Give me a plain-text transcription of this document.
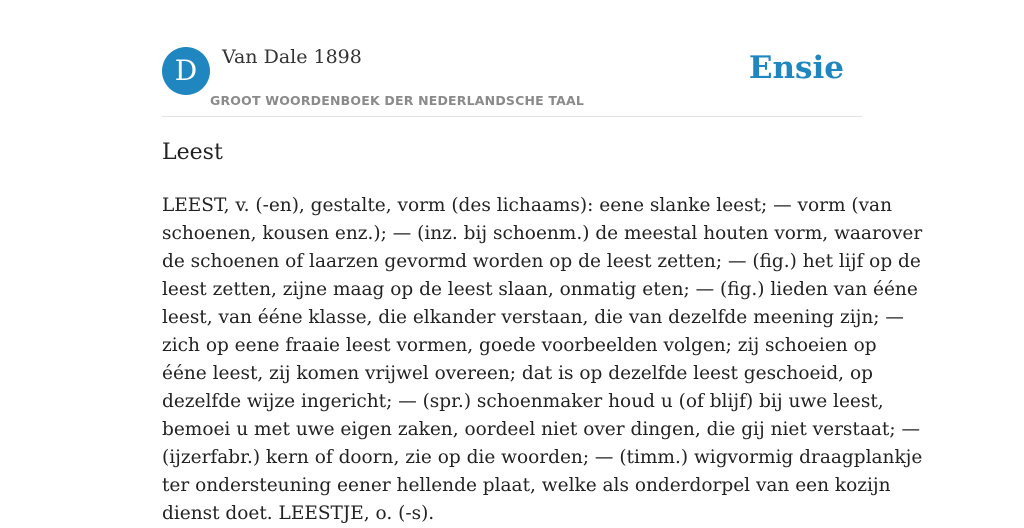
D	Van Dale 1898
GROOT WOORDENBOEK DER NEDERLANDSCHE TAAL
Ensie
Leest
LEEST, v. (-en), gestalte, vorm (des lichaams): eene slanke leest; — vorm (van
schoenen, kousen enz.); — (inz. bij schoenm.) de meestal houten vorm, waarover
de schoenen of laarzen gevormd worden op de leest zetten; — (fig.) het lijf op de
leest zetten, zijne maag op de leest slaan, onmatig eten; — (fig.) lieden van ééne
leest, van ééne klasse, die elkander verstaan, die van dezelfde meening zijn; —
zich op eene fraaie leest vormen, goede voorbeelden volgen; zij schoeien op
ééne leest, zij komen vrijwel overeen; dat is op dezelfde leest geschoeid, op
dezelfde wijze ingericht; — (spr.) schoenmaker houd u (of blijf) bij uwe leest,
bemoei u met uwe eigen zaken, oordeel niet over dingen, die gij niet verstaat; —
(ijzerfabr.) kern of doorn, zie op die woorden; — (timm.) wigvormig draagplankje
ter ondersteuning eener hellende plaat, welke als onderdorpel van een kozijn
dienst doet. LEESTJE, o. (-s).
